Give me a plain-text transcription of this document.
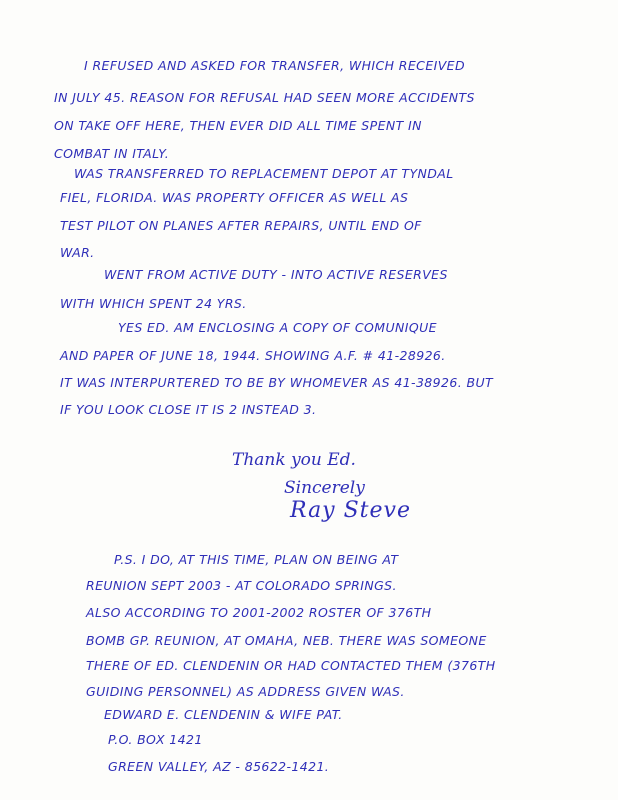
I REFUSED AND ASKED FOR TRANSFER, WHICH RECEIVED
IN JULY 45. REASON FOR REFUSAL HAD SEEN MORE ACCIDENTS
ON TAKE OFF HERE, THEN EVER DID ALL TIME SPENT IN
COMBAT IN ITALY.
WAS TRANSFERRED TO REPLACEMENT DEPOT AT TYNDAL
FIEL, FLORIDA. WAS PROPERTY OFFICER AS WELL AS
TEST PILOT ON PLANES AFTER REPAIRS, UNTIL END OF
WAR.
WENT FROM ACTIVE DUTY - INTO ACTIVE RESERVES
WITH WHICH SPENT 24 YRS.
YES ED. AM ENCLOSING A COPY OF COMUNIQUE
AND PAPER OF JUNE 18, 1944. SHOWING A.F. # 41-28926.
IT WAS INTERPURTERED TO BE BY WHOMEVER AS 41-38926. BUT
IF YOU LOOK CLOSE IT IS 2 INSTEAD 3.
Thank you Ed.
Sincerely
Ray Steve
P.S. I DO, AT THIS TIME, PLAN ON BEING AT
REUNION SEPT 2003 - AT COLORADO SPRINGS.
ALSO ACCORDING TO 2001-2002 ROSTER OF 376TH
BOMB GP. REUNION, AT OMAHA, NEB. THERE WAS SOMEONE
THERE OF ED. CLENDENIN OR HAD CONTACTED THEM (376TH
GUIDING PERSONNEL) AS ADDRESS GIVEN WAS.
EDWARD E. CLENDENIN & WIFE PAT.
P.O. BOX 1421
GREEN VALLEY, AZ - 85622-1421.
